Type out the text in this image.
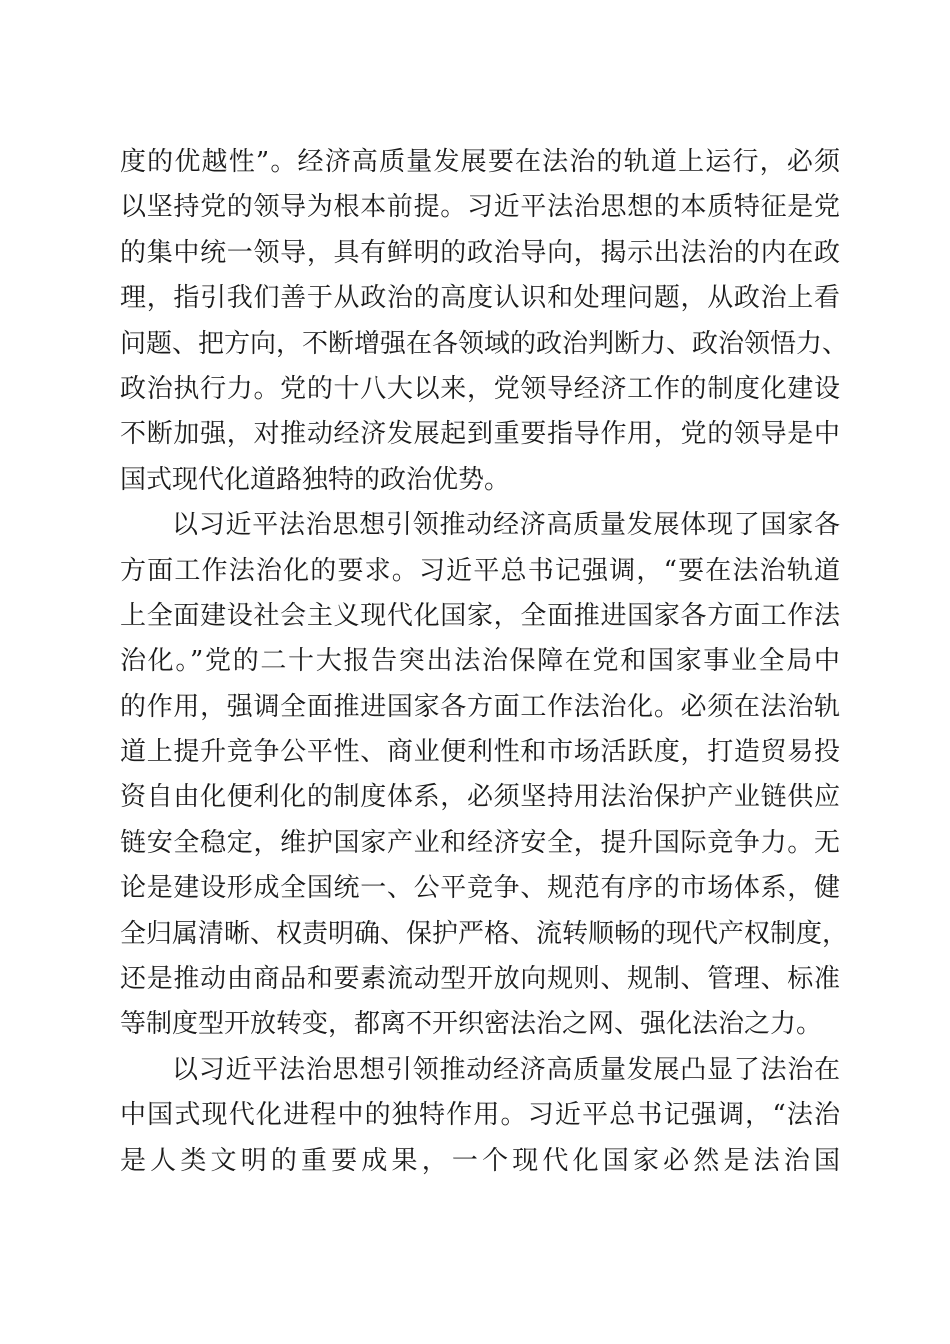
度的优越性”。经济高质量发展要在法治的轨道上运行，必须
以坚持党的领导为根本前提。习近平法治思想的本质特征是党
的集中统一领导，具有鲜明的政治导向，揭示出法治的内在政
理，指引我们善于从政治的高度认识和处理问题，从政治上看
问题、把方向，不断增强在各领域的政治判断力、政治领悟力、
政治执行力。党的十八大以来，党领导经济工作的制度化建设
不断加强，对推动经济发展起到重要指导作用，党的领导是中
国式现代化道路独特的政治优势。
以习近平法治思想引领推动经济高质量发展体现了国家各
方面工作法治化的要求。习近平总书记强调，“要在法治轨道
上全面建设社会主义现代化国家，全面推进国家各方面工作法
治化。”党的二十大报告突出法治保障在党和国家事业全局中
的作用，强调全面推进国家各方面工作法治化。必须在法治轨
道上提升竞争公平性、商业便利性和市场活跃度，打造贸易投
资自由化便利化的制度体系，必须坚持用法治保护产业链供应
链安全稳定，维护国家产业和经济安全，提升国际竞争力。无
论是建设形成全国统一、公平竞争、规范有序的市场体系，健
全归属清晰、权责明确、保护严格、流转顺畅的现代产权制度，
还是推动由商品和要素流动型开放向规则、规制、管理、标准
等制度型开放转变，都离不开织密法治之网、强化法治之力。
以习近平法治思想引领推动经济高质量发展凸显了法治在
中国式现代化进程中的独特作用。习近平总书记强调，“法治
是人类文明的重要成果，一个现代化国家必然是法治国
